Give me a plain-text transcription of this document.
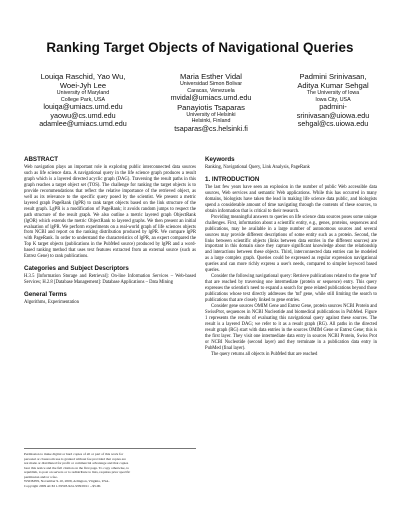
Ranking Target Objects of Navigational Queries
Louiqa Raschid, Yao Wu,
Woei-Jyh Lee
University of Maryland
College Park, USA
louiqa@umiacs.umd.edu
yaowu@cs.umd.edu
adamlee@umiacs.umd.edu
Maria Esther Vidal
Universidad Simon Bolivar
Caracas, Venezuela
mvidal@umiacs.umd.edu
Panayiotis Tsaparas
University of Helsinki
Helsinki, Finland
tsaparas@cs.helsinki.fi
Padmini Srinivasan,
Aditya Kumar Sehgal
The University of Iowa
Iowa City, USA
padmini-
srinivasan@uiowa.edu
sehgal@cs.uiowa.edu
ABSTRACT

Web navigation plays an important role in exploring public interconnected data sources such as life science data. A navigational query in the life science graph produces a result graph which is a layered directed acyclic graph (DAG). Traversing the result paths in this graph reaches a target object set (TOS). The challenge for ranking the target objects is to provide recommendations that reflect the relative importance of the retrieved object, as well as its relevance to the specific query posed by the scientist. We present a metric layered graph PageRank (lgPR) to rank target objects based on the link structure of the result graph. LgPR is a modification of PageRank; it avoids random jumps to respect the path structure of the result graph. We also outline a metric layered graph ObjectRank (lgOR) which extends the metric ObjectRank to layered graphs. We then present an initial evaluation of lgPR. We perform experiments on a real-world graph of life sciences objects from NCBI and report on the ranking distribution produced by lgPR. We compare lgPR with PageRank. In order to understand the characteristics of lgPR, an expert compared the Top K target objects (publications in the PubMed source) produced by lgPR and a word-based ranking method that uses text features extracted from an external source (such as Entrez Gene) to rank publications.

Categories and Subject Descriptors

H.3.5 [Information Storage and Retrieval]: On-line Information Services – Web-based Services; H.2.8 [Database Management]: Database Applications – Data Mining

General Terms

Algorithms, Experimentation

Permission to make digital or hard copies of all or part of this work for

personal or classroom use is granted without fee provided that copies are

not made or distributed for profit or commercial advantage and that copies

bear this notice and the full citation on the first page. To copy otherwise, to

republish, to post on servers or to redistribute to lists, requires prior specific

permission and/or a fee.

WSDM'09, November 9-10, 2009, Arlington, Virginia, USA.

Copyright 2009 ACM 1-59593-924-3/09/0011 ...$5.00.

Keywords

Ranking, Navigational Query, Link Analysis, PageRank

1. INTRODUCTION

The last few years have seen an explosion in the number of public Web accessible data sources, Web services and semantic Web applications. While this has occurred in many domains, biologists have taken the lead in making life science data public, and biologists spend a considerable amount of time navigating through the contents of these sources, to obtain information that is critical to their research.

Providing meaningful answers to queries on life science data sources poses some unique challenges. First, information about a scientific entity, e.g., genes, proteins, sequences and publications, may be available in a large number of autonomous sources and several sources may provide different descriptions of some entity such as a protein. Second, the links between scientific objects (links between data entries in the different sources) are important in this domain since they capture significant knowledge about the relationship and interactions between these objects. Third, interconnected data entries can be modeled as a large complex graph. Queries could be expressed as regular expression navigational queries and can more richly express a user's needs, compared to simpler keyword based queries.

Consider the following navigational query: Retrieve publications related to the gene 'tnf' that are reached by traversing one intermediate (protein or sequence) entry. This query expresses the scientist's need to expand a search for gene related publications beyond those publications whose text directly addresses the 'tnf' gene, while still limiting the search to publications that are closely linked to gene entries.

Consider gene sources OMIM Gene and Entrez Gene, protein sources NCBI Protein and SwissProt, sequences in NCBI Nucleotide and biomedical publications in PubMed. Figure 1 represents the results of evaluating this navigational query against these sources. The result is a layered DAG; we refer to it as a result graph (RG). All paths in the directed result graph (RG) start with data entries in the sources OMIM Gene or Entrez Gene; this is the first layer. They visit one intermediate data entry in sources NCBI Protein, Swiss Prot or NCBI Nucleotide (second layer) and they terminate in a publication data entry in PubMed (final layer).

The query returns all objects in PubMed that are reached
